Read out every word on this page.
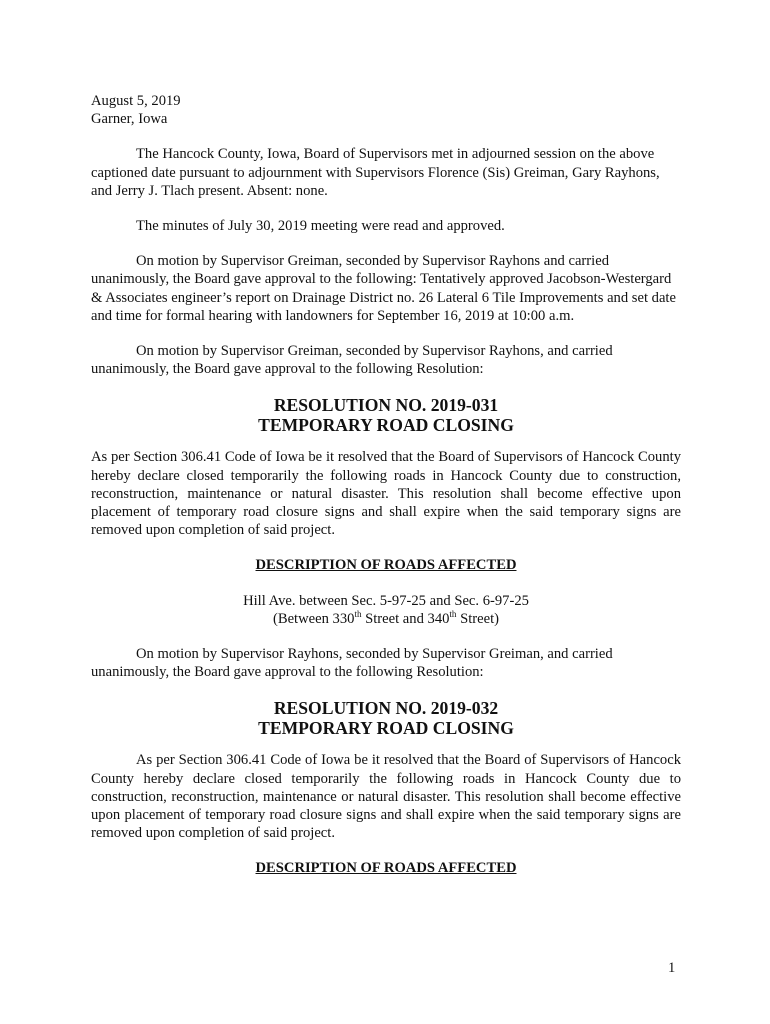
August 5, 2019

Garner, Iowa

The Hancock County, Iowa, Board of Supervisors met in adjourned session on the above captioned date pursuant to adjournment with Supervisors Florence (Sis) Greiman, Gary Rayhons, and Jerry J. Tlach present. Absent: none.

The minutes of July 30, 2019 meeting were read and approved.

On motion by Supervisor Greiman, seconded by Supervisor Rayhons and carried unanimously, the Board gave approval to the following: Tentatively approved Jacobson-Westergard & Associates engineer’s report on Drainage District no. 26 Lateral 6 Tile Improvements and set date and time for formal hearing with landowners for September 16, 2019 at 10:00 a.m.

On motion by Supervisor Greiman, seconded by Supervisor Rayhons, and carried unanimously, the Board gave approval to the following Resolution:

RESOLUTION NO. 2019-031

TEMPORARY ROAD CLOSING

As per Section 306.41 Code of Iowa be it resolved that the Board of Supervisors of Hancock County hereby declare closed temporarily the following roads in Hancock County due to construction, reconstruction, maintenance or natural disaster. This resolution shall become effective upon placement of temporary road closure signs and shall expire when the said temporary signs are removed upon completion of said project.

DESCRIPTION OF ROADS AFFECTED

Hill Ave. between Sec. 5-97-25 and Sec. 6-97-25

(Between 330th Street and 340th Street)

On motion by Supervisor Rayhons, seconded by Supervisor Greiman, and carried unanimously, the Board gave approval to the following Resolution:

RESOLUTION NO. 2019-032

TEMPORARY ROAD CLOSING

As per Section 306.41 Code of Iowa be it resolved that the Board of Supervisors of Hancock County hereby declare closed temporarily the following roads in Hancock County due to construction, reconstruction, maintenance or natural disaster. This resolution shall become effective upon placement of temporary road closure signs and shall expire when the said temporary signs are removed upon completion of said project.

DESCRIPTION OF ROADS AFFECTED

1
